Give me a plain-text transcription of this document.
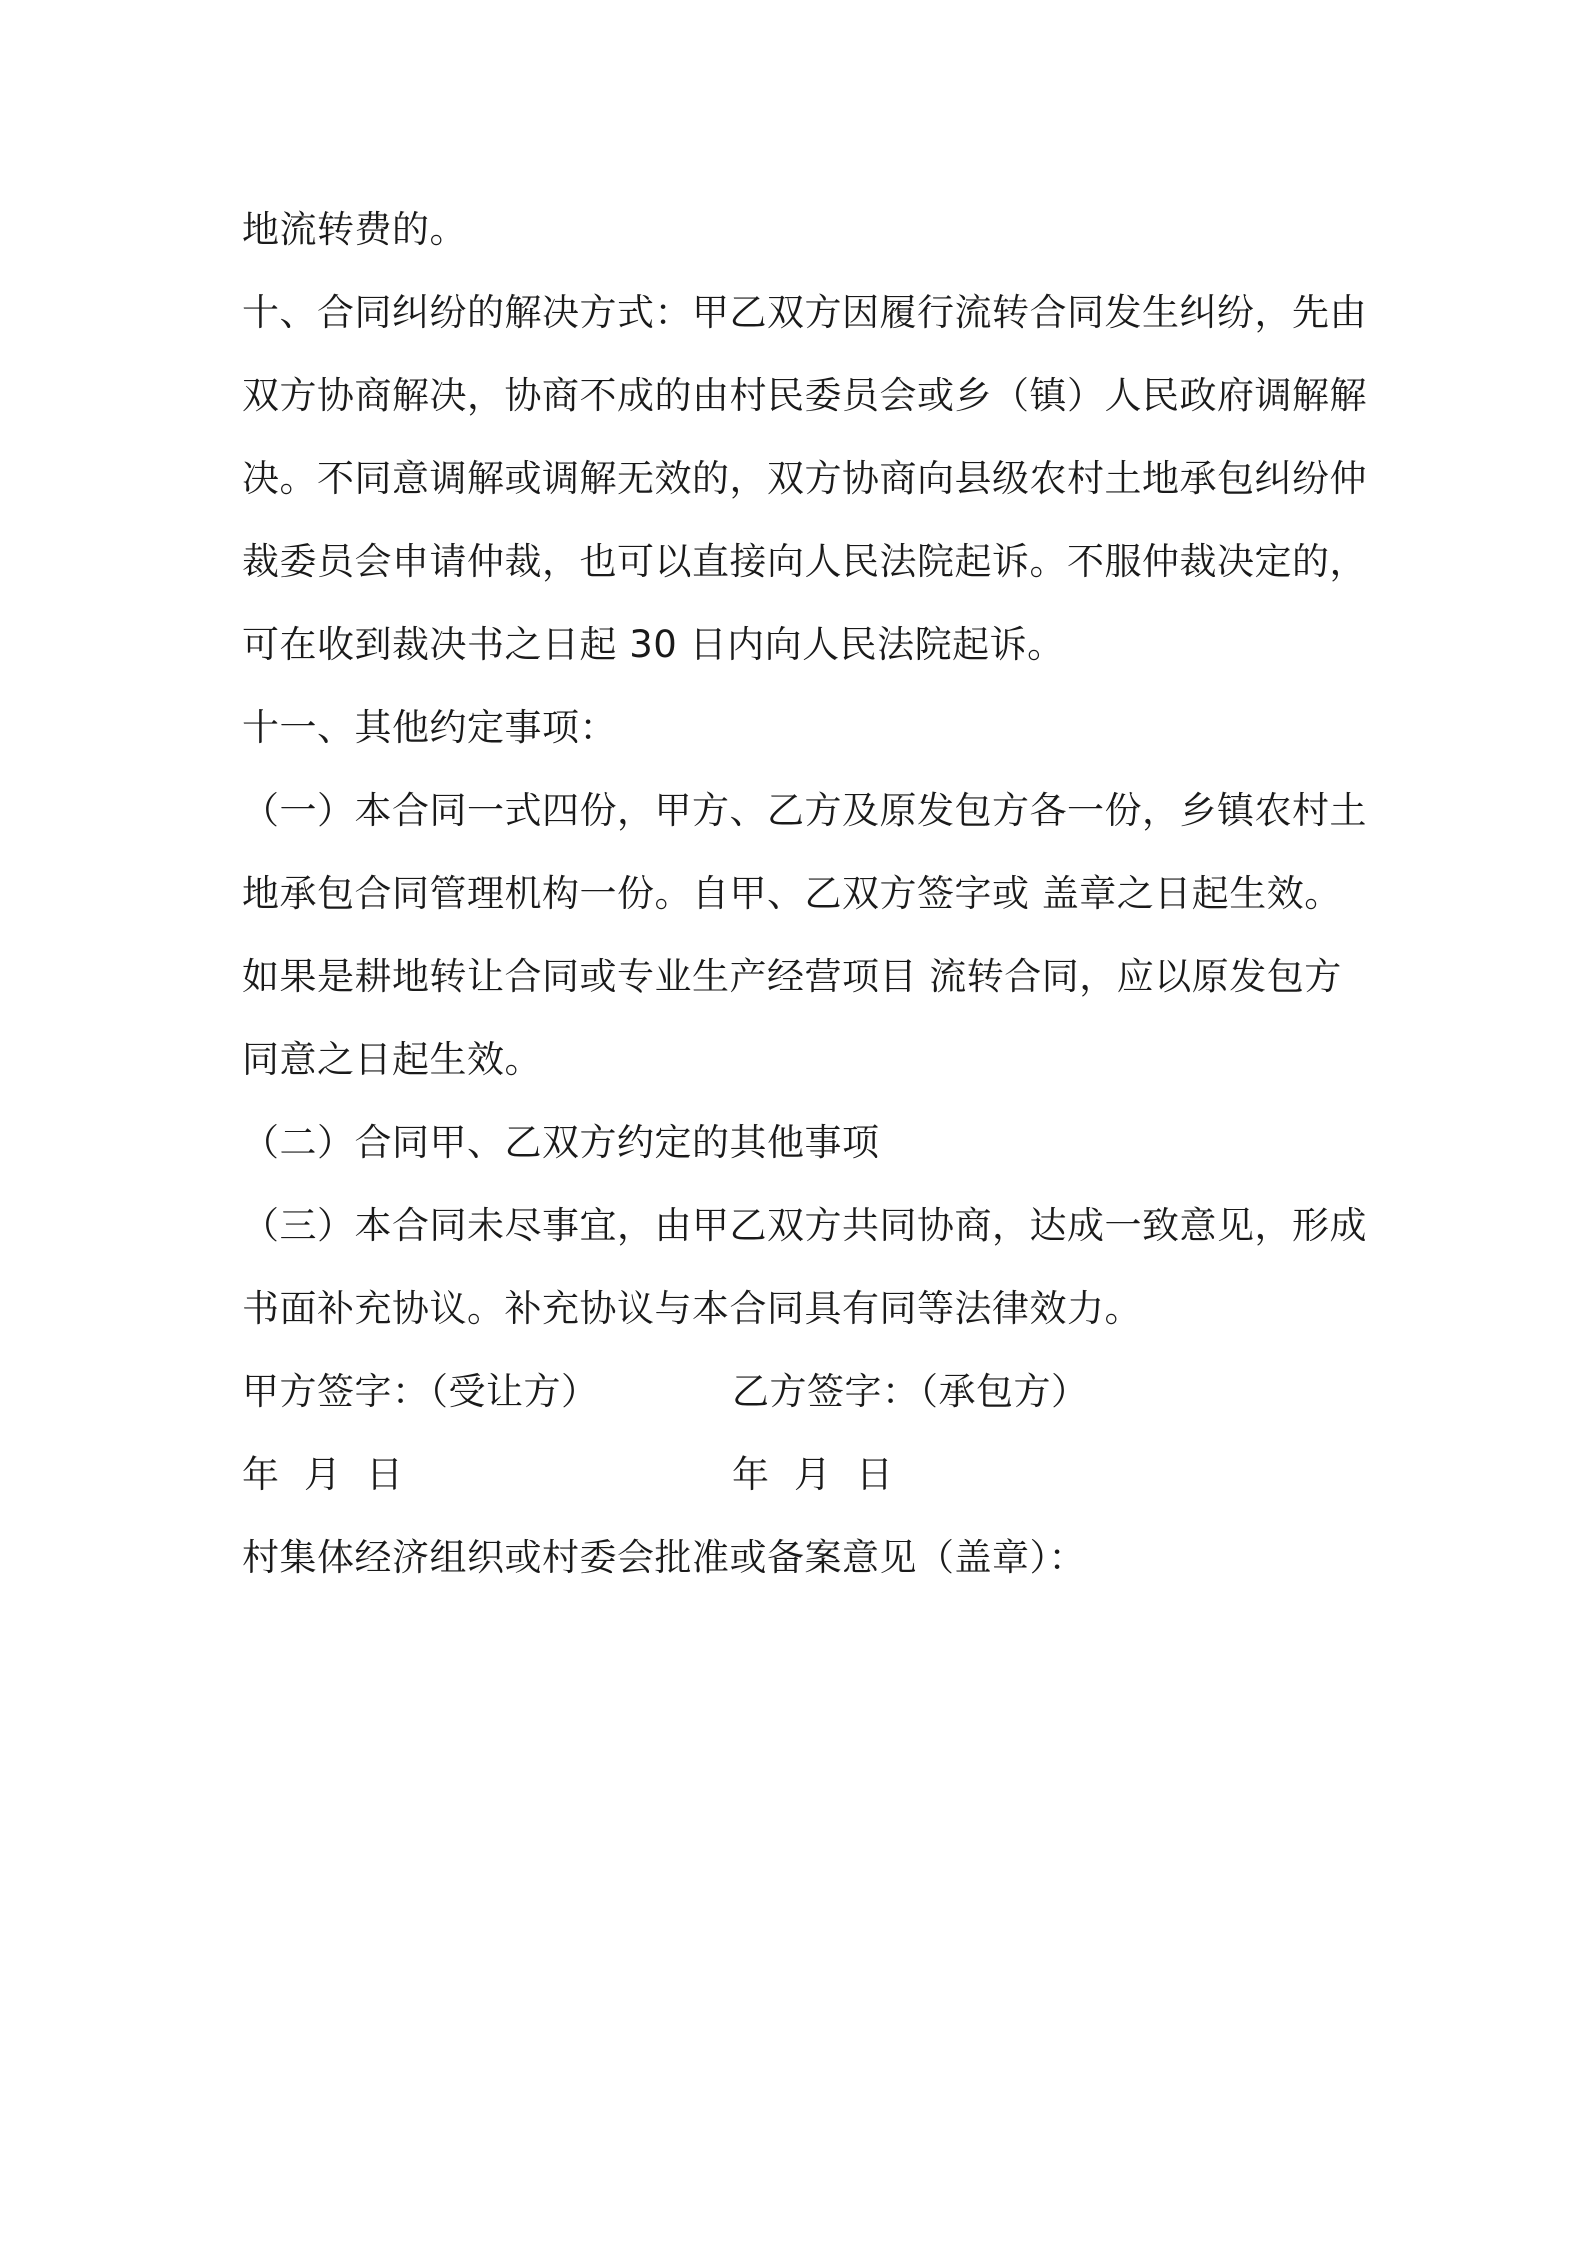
地流转费的。
十、合同纠纷的解决方式：甲乙双方因履行流转合同发生纠纷，先由
双方协商解决，协商不成的由村民委员会或乡（镇）人民政府调解解
决。不同意调解或调解无效的，双方协商向县级农村土地承包纠纷仲
裁委员会申请仲裁，也可以直接向人民法院起诉。不服仲裁决定的，
可在收到裁决书之日起 30 日内向人民法院起诉。
十一、其他约定事项：
（一）本合同一式四份，甲方、乙方及原发包方各一份，乡镇农村土
地承包合同管理机构一份。自甲、乙双方签字或 盖章之日起生效。
如果是耕地转让合同或专业生产经营项目 流转合同，应以原发包方
同意之日起生效。
（二）合同甲、乙双方约定的其他事项
（三）本合同未尽事宜，由甲乙双方共同协商，达成一致意见，形成
书面补充协议。补充协议与本合同具有同等法律效力。
甲方签字：（受让方）	乙方签字：（承包方）
年  月  日	年  月  日
村集体经济组织或村委会批准或备案意见（盖章）：
